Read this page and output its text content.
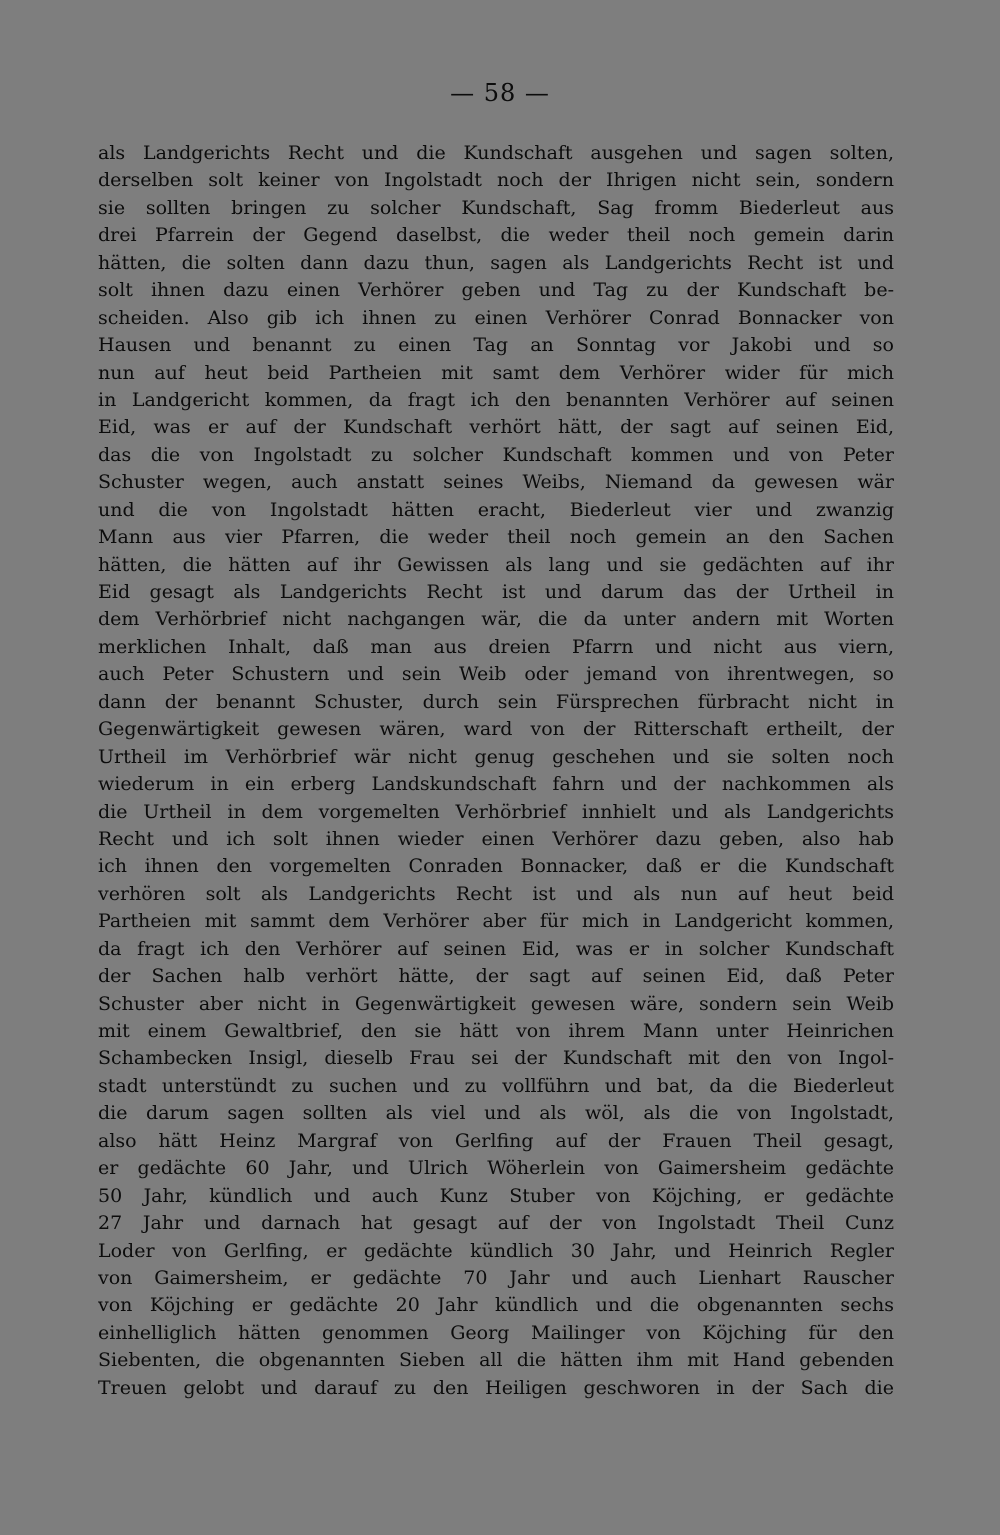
— 58 —
als Landgerichts Recht und die Kundschaft ausgehen und sagen solten,
derselben solt keiner von Ingolstadt noch der Ihrigen nicht sein, sondern
sie sollten bringen zu solcher Kundschaft, Sag fromm Biederleut aus
drei Pfarrein der Gegend daselbst, die weder theil noch gemein darin
hätten, die solten dann dazu thun, sagen als Landgerichts Recht ist und
solt ihnen dazu einen Verhörer geben und Tag zu der Kundschaft be-
scheiden. Also gib ich ihnen zu einen Verhörer Conrad Bonnacker von
Hausen und benannt zu einen Tag an Sonntag vor Jakobi und so
nun auf heut beid Partheien mit samt dem Verhörer wider für mich
in Landgericht kommen, da fragt ich den benannten Verhörer auf seinen
Eid, was er auf der Kundschaft verhört hätt, der sagt auf seinen Eid,
das die von Ingolstadt zu solcher Kundschaft kommen und von Peter
Schuster wegen, auch anstatt seines Weibs, Niemand da gewesen wär
und die von Ingolstadt hätten eracht, Biederleut vier und zwanzig
Mann aus vier Pfarren, die weder theil noch gemein an den Sachen
hätten, die hätten auf ihr Gewissen als lang und sie gedächten auf ihr
Eid gesagt als Landgerichts Recht ist und darum das der Urtheil in
dem Verhörbrief nicht nachgangen wär, die da unter andern mit Worten
merklichen Inhalt, daß man aus dreien Pfarrn und nicht aus viern,
auch Peter Schustern und sein Weib oder jemand von ihrentwegen, so
dann der benannt Schuster, durch sein Fürsprechen fürbracht nicht in
Gegenwärtigkeit gewesen wären, ward von der Ritterschaft ertheilt, der
Urtheil im Verhörbrief wär nicht genug geschehen und sie solten noch
wiederum in ein erberg Landskundschaft fahrn und der nachkommen als
die Urtheil in dem vorgemelten Verhörbrief innhielt und als Landgerichts
Recht und ich solt ihnen wieder einen Verhörer dazu geben, also hab
ich ihnen den vorgemelten Conraden Bonnacker, daß er die Kundschaft
verhören solt als Landgerichts Recht ist und als nun auf heut beid
Partheien mit sammt dem Verhörer aber für mich in Landgericht kommen,
da fragt ich den Verhörer auf seinen Eid, was er in solcher Kundschaft
der Sachen halb verhört hätte, der sagt auf seinen Eid, daß Peter
Schuster aber nicht in Gegenwärtigkeit gewesen wäre, sondern sein Weib
mit einem Gewaltbrief, den sie hätt von ihrem Mann unter Heinrichen
Schambecken Insigl, dieselb Frau sei der Kundschaft mit den von Ingol-
stadt unterstündt zu suchen und zu vollführn und bat, da die Biederleut
die darum sagen sollten als viel und als wöl, als die von Ingolstadt,
also hätt Heinz Margraf von Gerlfing auf der Frauen Theil gesagt,
er gedächte 60 Jahr, und Ulrich Wöherlein von Gaimersheim gedächte
50 Jahr, kündlich und auch Kunz Stuber von Köjching, er gedächte
27 Jahr und darnach hat gesagt auf der von Ingolstadt Theil Cunz
Loder von Gerlfing, er gedächte kündlich 30 Jahr, und Heinrich Regler
von Gaimersheim, er gedächte 70 Jahr und auch Lienhart Rauscher
von Köjching er gedächte 20 Jahr kündlich und die obgenannten sechs
einhelliglich hätten genommen Georg Mailinger von Köjching für den
Siebenten, die obgenannten Sieben all die hätten ihm mit Hand gebenden
Treuen gelobt und darauf zu den Heiligen geschworen in der Sach die
